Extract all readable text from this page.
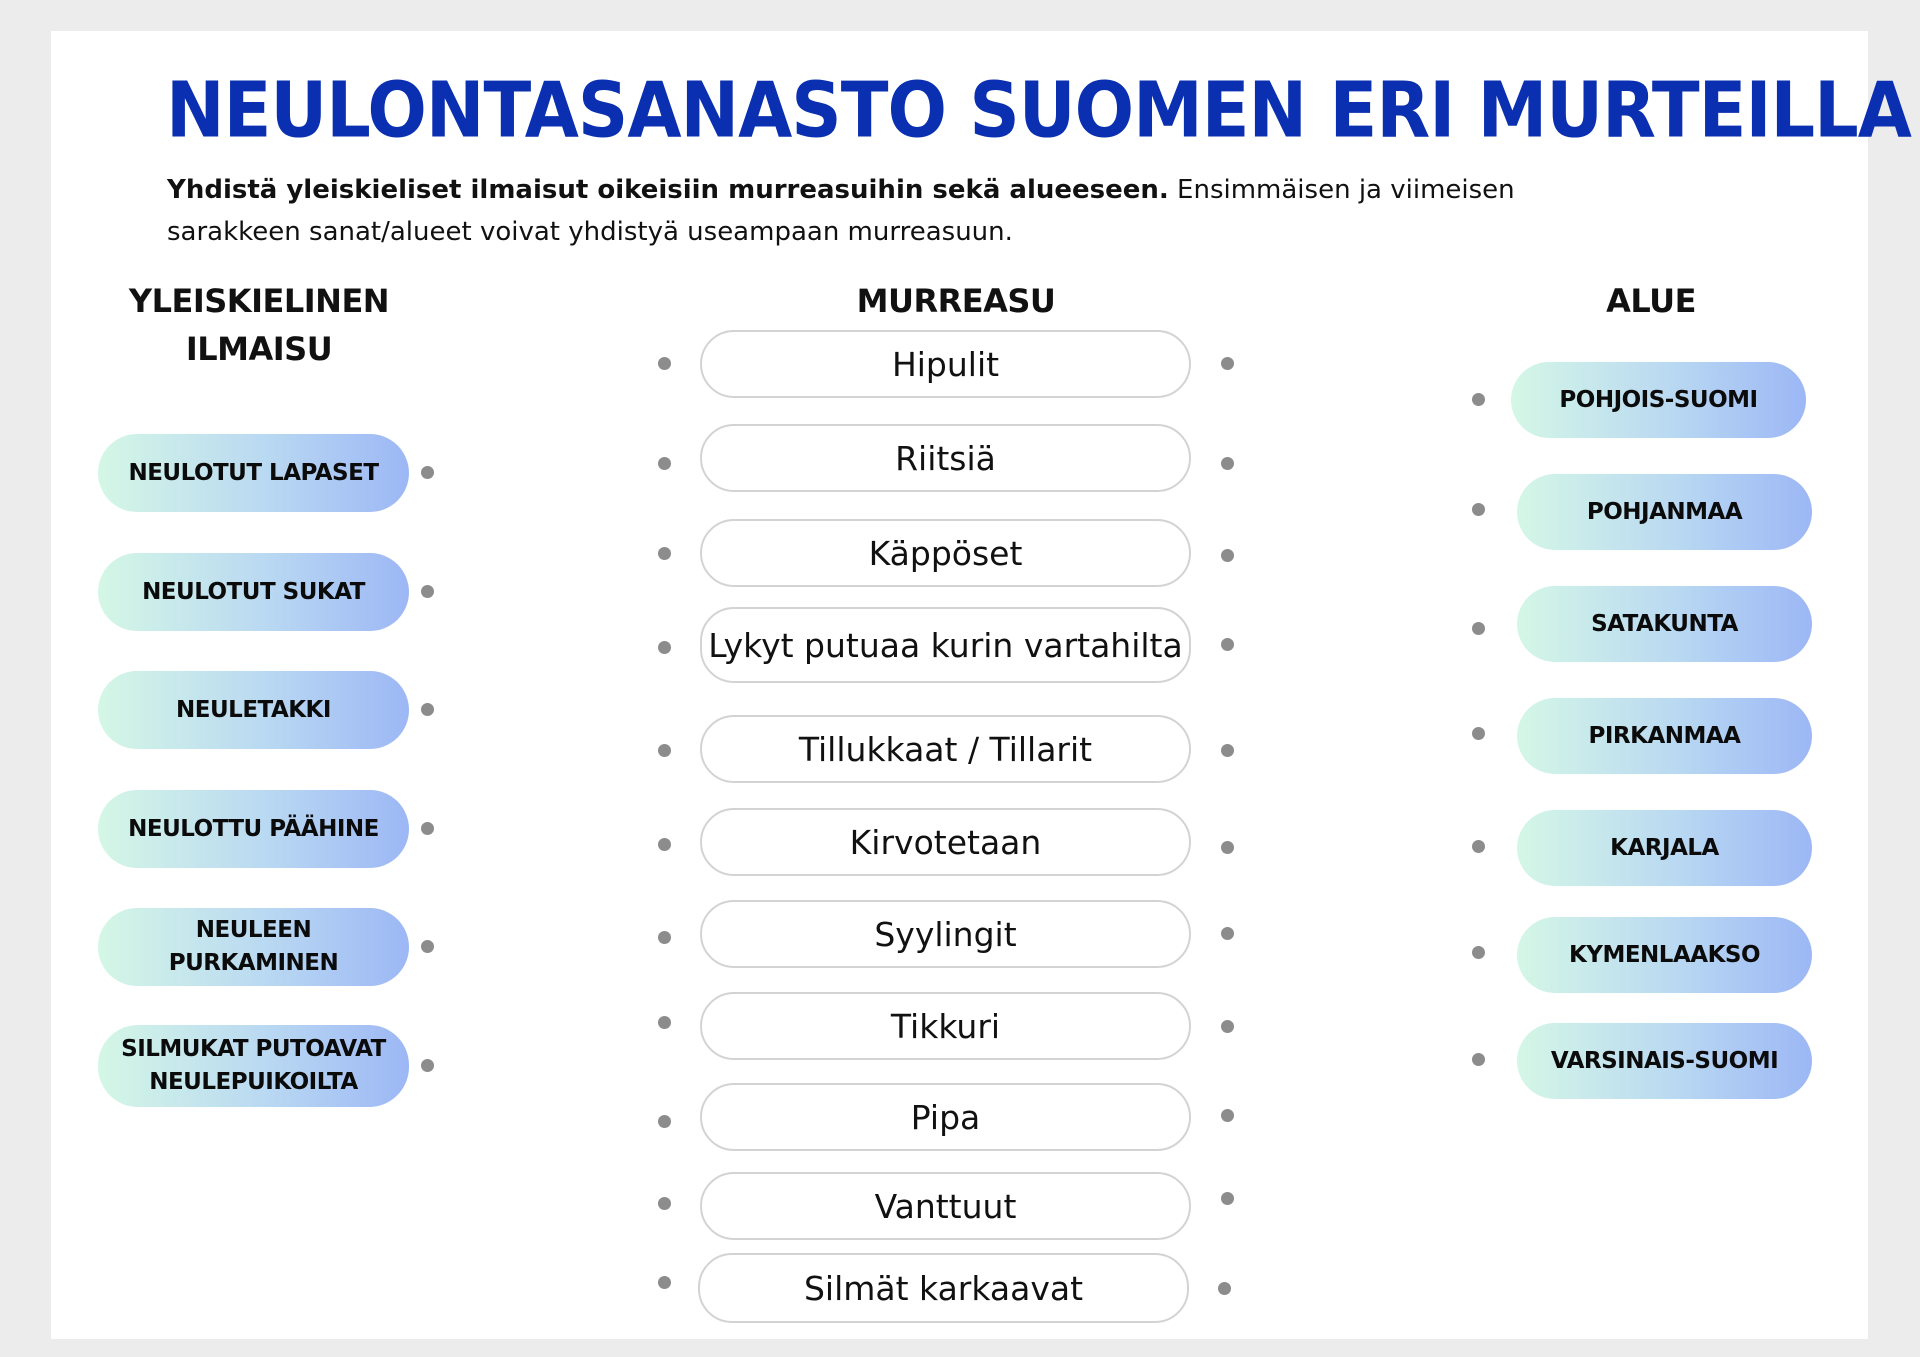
NEULONTASANASTO SUOMEN ERI MURTEILLA

Yhdistä yleiskieliset ilmaisut oikeisiin murreasuihin sekä alueeseen. Ensimmäisen ja viimeisen sarakkeen sanat/alueet voivat yhdistyä useampaan murreasuun.

YLEISKIELINEN
ILMAISU
MURREASU	ALUE
NEULOTUT LAPASET
NEULOTUT SUKAT
NEULETAKKI
NEULOTTU PÄÄHINE
NEULEEN PURKAMINEN
SILMUKAT PUTOAVAT NEULEPUIKOILTA
Hipulit
Riitsiä
Käppöset
Lykyt putuaa kurin vartahilta
Tillukkaat / Tillarit
Kirvotetaan
Syylingit
Tikkuri
Pipa
Vanttuut
Silmät karkaavat
POHJOIS-SUOMI
POHJANMAA
SATAKUNTA
PIRKANMAA
KARJALA
KYMENLAAKSO
VARSINAIS-SUOMI
